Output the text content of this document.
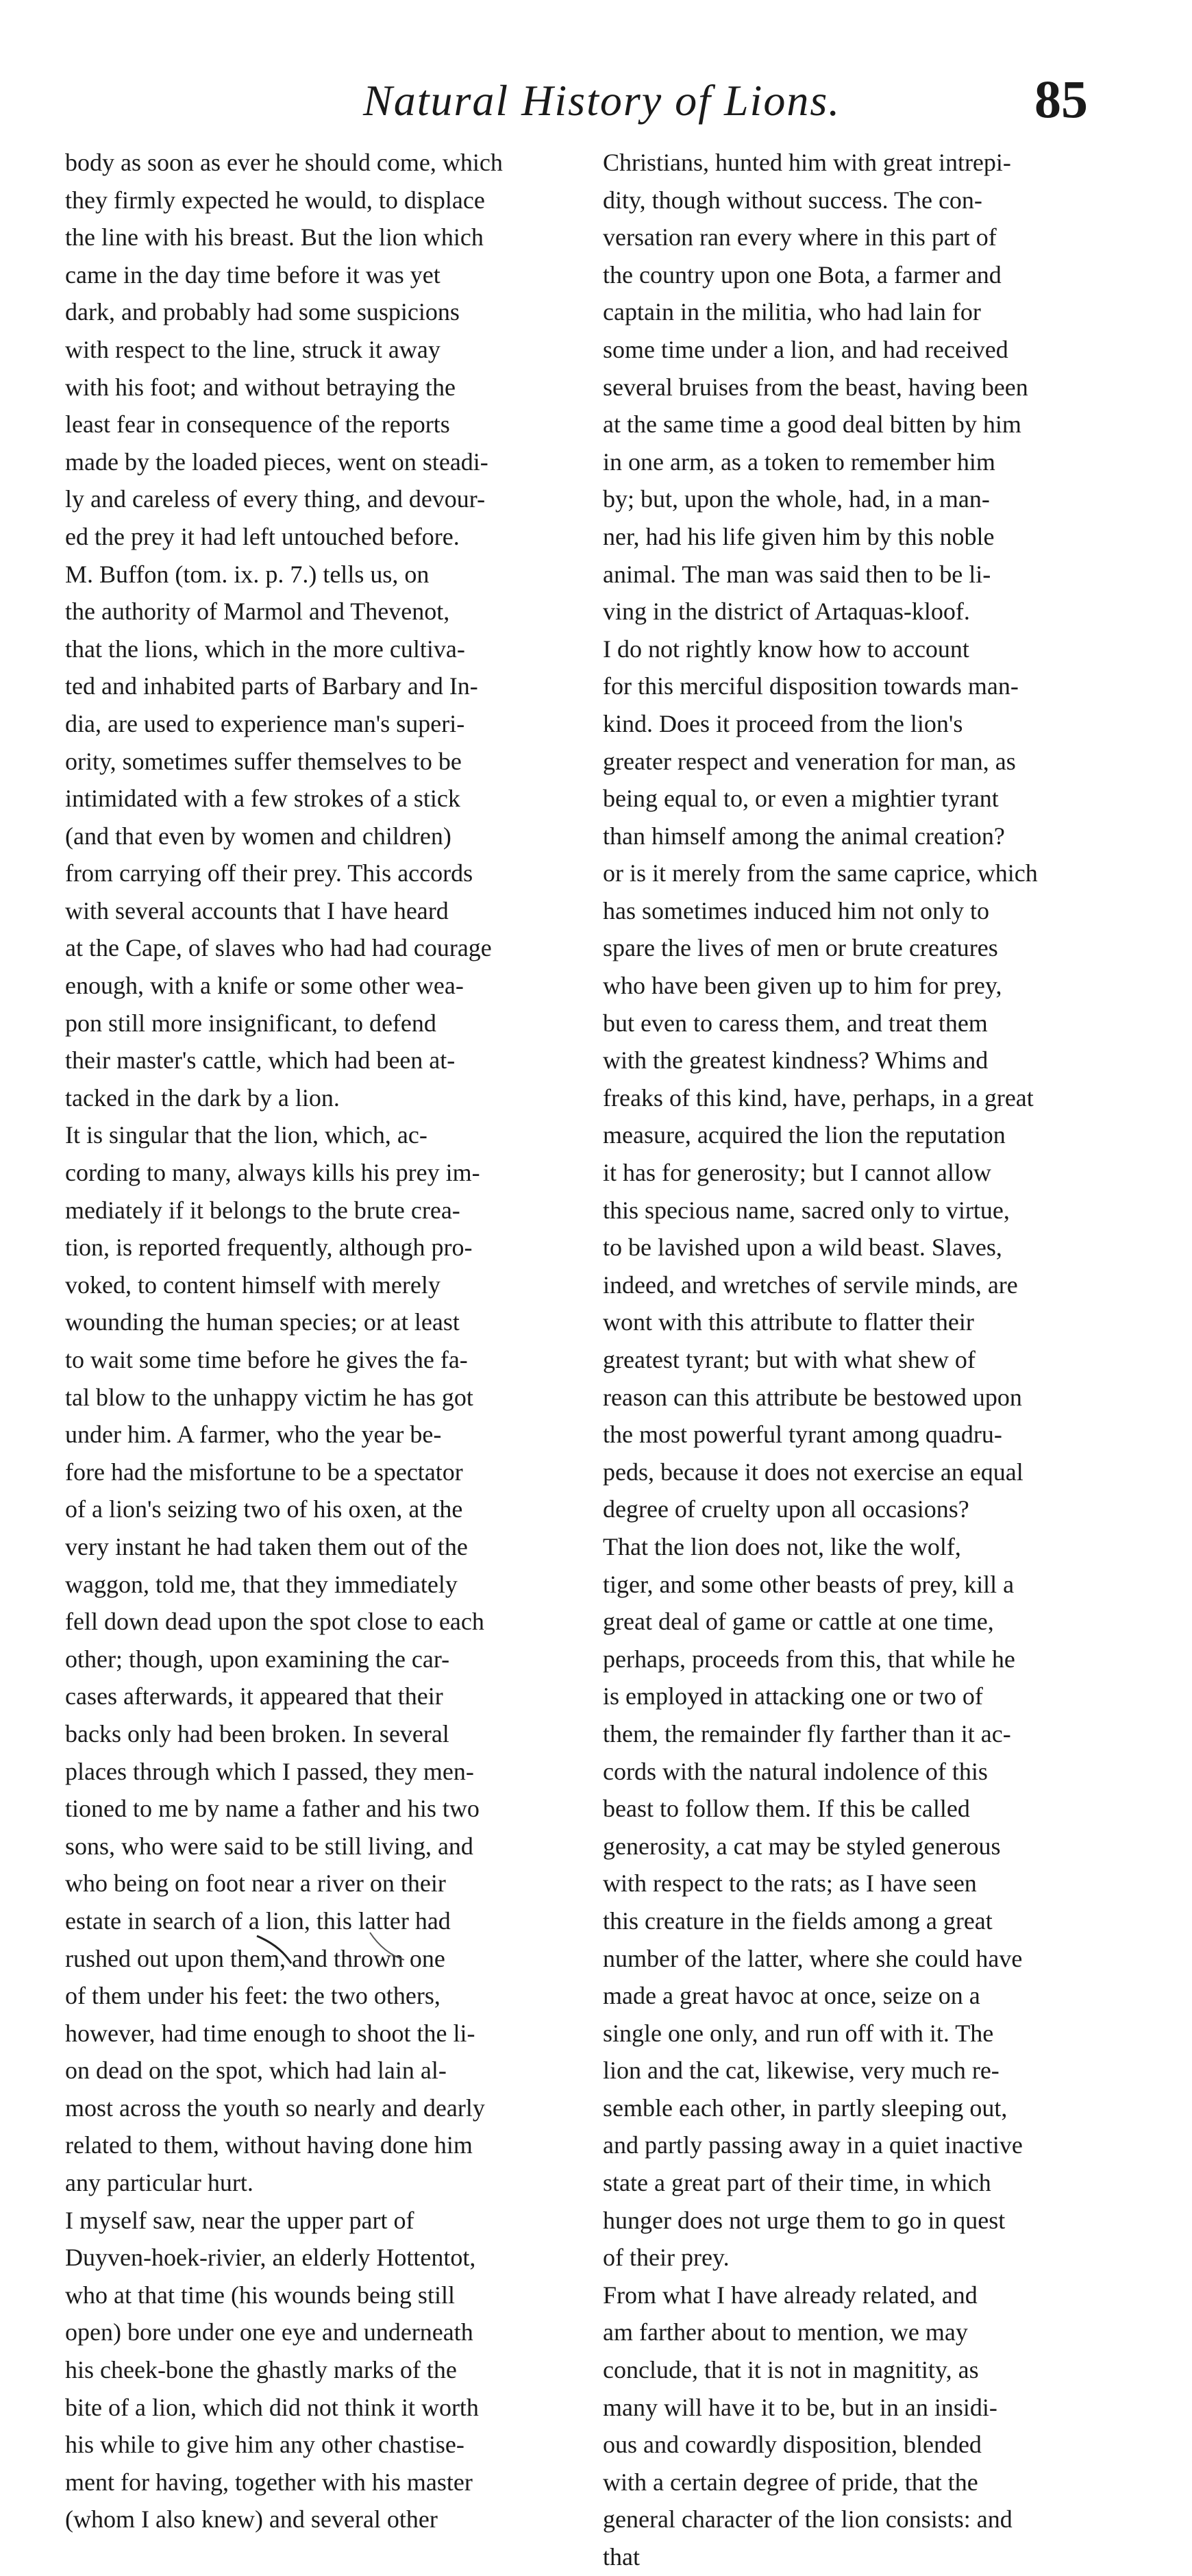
Natural History of Lions.	85
body as soon as ever he should come, which
they firmly expected he would, to displace
the line with his breast. But the lion which
came in the day time before it was yet
dark, and probably had some suspicions
with respect to the line, struck it away
with his foot; and without betraying the
least fear in consequence of the reports
made by the loaded pieces, went on steadi-
ly and careless of every thing, and devour-
ed the prey it had left untouched before.
M. Buffon (tom. ix. p. 7.) tells us, on
the authority of Marmol and Thevenot,
that the lions, which in the more cultiva-
ted and inhabited parts of Barbary and In-
dia, are used to experience man's superi-
ority, sometimes suffer themselves to be
intimidated with a few strokes of a stick
(and that even by women and children)
from carrying off their prey. This accords
with several accounts that I have heard
at the Cape, of slaves who had had courage
enough, with a knife or some other wea-
pon still more insignificant, to defend
their master's cattle, which had been at-
tacked in the dark by a lion.
It is singular that the lion, which, ac-
cording to many, always kills his prey im-
mediately if it belongs to the brute crea-
tion, is reported frequently, although pro-
voked, to content himself with merely
wounding the human species; or at least
to wait some time before he gives the fa-
tal blow to the unhappy victim he has got
under him. A farmer, who the year be-
fore had the misfortune to be a spectator
of a lion's seizing two of his oxen, at the
very instant he had taken them out of the
waggon, told me, that they immediately
fell down dead upon the spot close to each
other; though, upon examining the car-
cases afterwards, it appeared that their
backs only had been broken. In several
places through which I passed, they men-
tioned to me by name a father and his two
sons, who were said to be still living, and
who being on foot near a river on their
estate in search of a lion, this latter had
rushed out upon them, and thrown one
of them under his feet: the two others,
however, had time enough to shoot the li-
on dead on the spot, which had lain al-
most across the youth so nearly and dearly
related to them, without having done him
any particular hurt.
I myself saw, near the upper part of
Duyven-hoek-rivier, an elderly Hottentot,
who at that time (his wounds being still
open) bore under one eye and underneath
his cheek-bone the ghastly marks of the
bite of a lion, which did not think it worth
his while to give him any other chastise-
ment for having, together with his master
(whom I also knew) and several other
Christians, hunted him with great intrepi-
dity, though without success. The con-
versation ran every where in this part of
the country upon one Bota, a farmer and
captain in the militia, who had lain for
some time under a lion, and had received
several bruises from the beast, having been
at the same time a good deal bitten by him
in one arm, as a token to remember him
by; but, upon the whole, had, in a man-
ner, had his life given him by this noble
animal. The man was said then to be li-
ving in the district of Artaquas-kloof.
I do not rightly know how to account
for this merciful disposition towards man-
kind. Does it proceed from the lion's
greater respect and veneration for man, as
being equal to, or even a mightier tyrant
than himself among the animal creation?
or is it merely from the same caprice, which
has sometimes induced him not only to
spare the lives of men or brute creatures
who have been given up to him for prey,
but even to caress them, and treat them
with the greatest kindness? Whims and
freaks of this kind, have, perhaps, in a great
measure, acquired the lion the reputation
it has for generosity; but I cannot allow
this specious name, sacred only to virtue,
to be lavished upon a wild beast. Slaves,
indeed, and wretches of servile minds, are
wont with this attribute to flatter their
greatest tyrant; but with what shew of
reason can this attribute be bestowed upon
the most powerful tyrant among quadru-
peds, because it does not exercise an equal
degree of cruelty upon all occasions?
That the lion does not, like the wolf,
tiger, and some other beasts of prey, kill a
great deal of game or cattle at one time,
perhaps, proceeds from this, that while he
is employed in attacking one or two of
them, the remainder fly farther than it ac-
cords with the natural indolence of this
beast to follow them. If this be called
generosity, a cat may be styled generous
with respect to the rats; as I have seen
this creature in the fields among a great
number of the latter, where she could have
made a great havoc at once, seize on a
single one only, and run off with it. The
lion and the cat, likewise, very much re-
semble each other, in partly sleeping out,
and partly passing away in a quiet inactive
state a great part of their time, in which
hunger does not urge them to go in quest
of their prey.
From what I have already related, and
am farther about to mention, we may
conclude, that it is not in magnitity, as
many will have it to be, but in an insidi-
ous and cowardly disposition, blended
with a certain degree of pride, that the
general character of the lion consists: and
that
